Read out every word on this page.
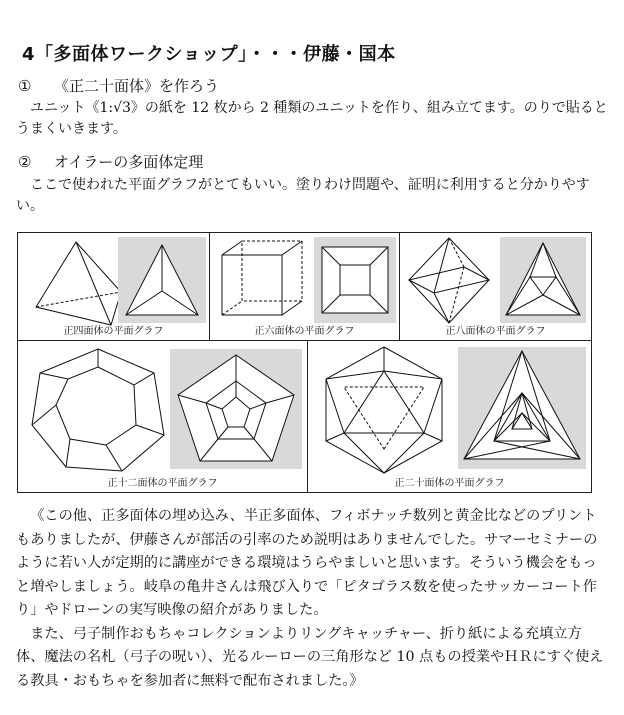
4「多面体ワークショップ」・・・伊藤・国本
① 《正二十面体》を作ろう
ユニット《1:√3》の紙を 12 枚から 2 種類のユニットを作り、組み立てます。のりで貼るとうまくいきます。
② オイラーの多面体定理
ここで使われた平面グラフがとてもいい。塗りわけ問題や、証明に利用すると分かりやすい。
正四面体の平面グラフ	正六面体の平面グラフ	正八面体の平面グラフ
正十二面体の平面グラフ	正二十面体の平面グラフ
《この他、正多面体の埋め込み、半正多面体、フィボナッチ数列と黄金比などのプリントもありましたが、伊藤さんが部活の引率のため説明はありませんでした。サマーセミナーのように若い人が定期的に講座ができる環境はうらやましいと思います。そういう機会をもっと増やしましょう。岐阜の亀井さんは飛び入りで「ピタゴラス数を使ったサッカーコート作り」やドローンの実写映像の紹介がありました。
また、弓子制作おもちゃコレクションよりリングキャッチャー、折り紙による充填立方体、魔法の名札（弓子の呪い）、光るルーローの三角形など 10 点もの授業やＨＲにすぐ使える教具・おもちゃを参加者に無料で配布されました。》
